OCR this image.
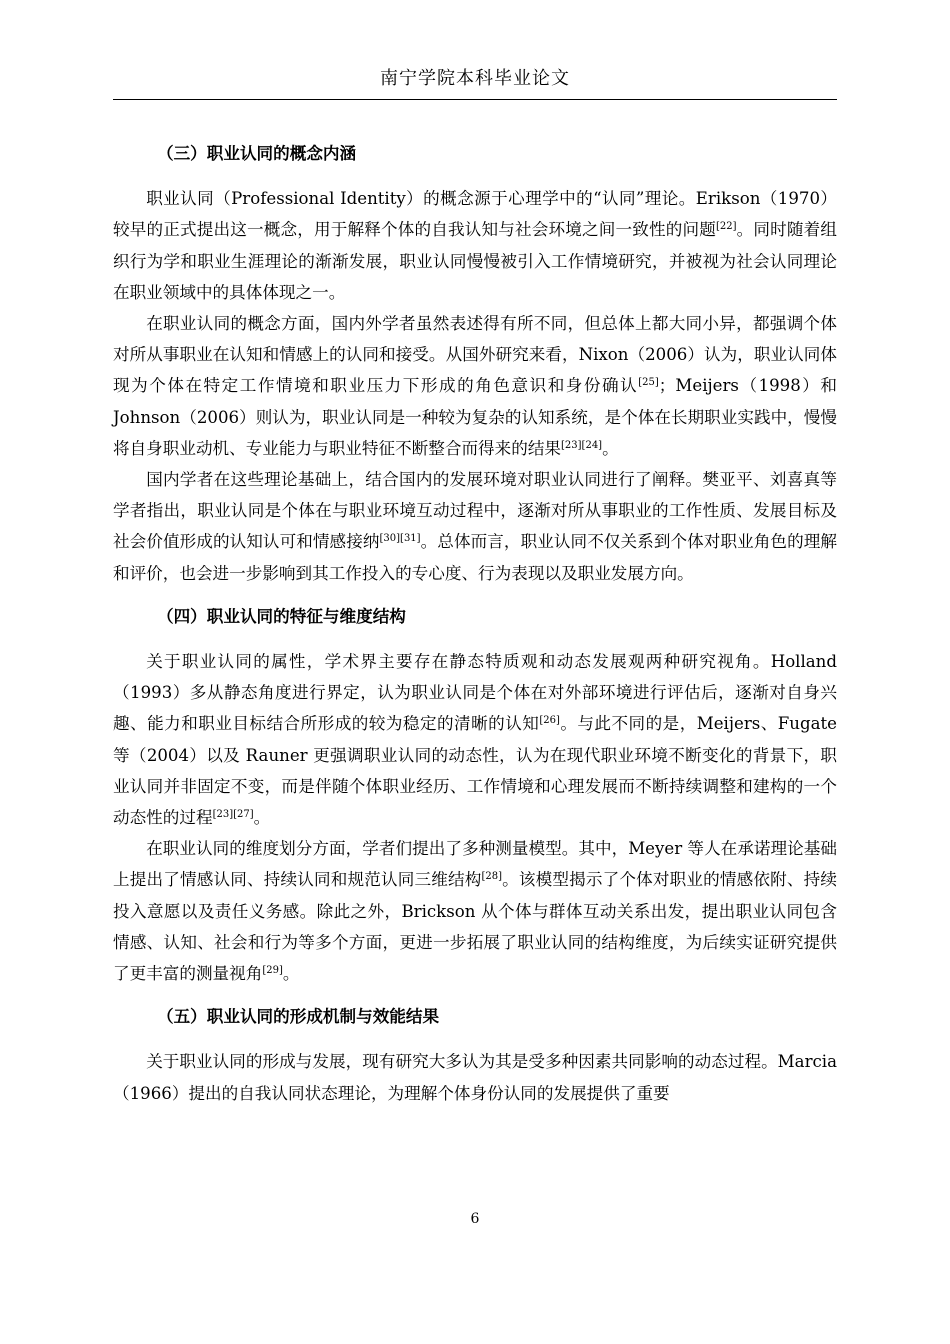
南宁学院本科毕业论文
（三）职业认同的概念内涵

职业认同（Professional Identity）的概念源于心理学中的“认同”理论。Erikson（1970）较早的正式提出这一概念，用于解释个体的自我认知与社会环境之间一致性的问题[22]。同时随着组织行为学和职业生涯理论的渐渐发展，职业认同慢慢被引入工作情境研究，并被视为社会认同理论在职业领域中的具体体现之一。

在职业认同的概念方面，国内外学者虽然表述得有所不同，但总体上都大同小异，都强调个体对所从事职业在认知和情感上的认同和接受。从国外研究来看，Nixon（2006）认为，职业认同体现为个体在特定工作情境和职业压力下形成的角色意识和身份确认[25]；Meijers（1998）和 Johnson（2006）则认为，职业认同是一种较为复杂的认知系统，是个体在长期职业实践中，慢慢将自身职业动机、专业能力与职业特征不断整合而得来的结果[23][24]。

国内学者在这些理论基础上，结合国内的发展环境对职业认同进行了阐释。樊亚平、刘喜真等学者指出，职业认同是个体在与职业环境互动过程中，逐渐对所从事职业的工作性质、发展目标及社会价值形成的认知认可和情感接纳[30][31]。总体而言，职业认同不仅关系到个体对职业角色的理解和评价，也会进一步影响到其工作投入的专心度、行为表现以及职业发展方向。

（四）职业认同的特征与维度结构

关于职业认同的属性，学术界主要存在静态特质观和动态发展观两种研究视角。Holland（1993）多从静态角度进行界定，认为职业认同是个体在对外部环境进行评估后，逐渐对自身兴趣、能力和职业目标结合所形成的较为稳定的清晰的认知[26]。与此不同的是，Meijers、Fugate 等（2004）以及 Rauner 更强调职业认同的动态性，认为在现代职业环境不断变化的背景下，职业认同并非固定不变，而是伴随个体职业经历、工作情境和心理发展而不断持续调整和建构的一个动态性的过程[23][27]。

在职业认同的维度划分方面，学者们提出了多种测量模型。其中，Meyer 等人在承诺理论基础上提出了情感认同、持续认同和规范认同三维结构[28]。该模型揭示了个体对职业的情感依附、持续投入意愿以及责任义务感。除此之外，Brickson 从个体与群体互动关系出发，提出职业认同包含情感、认知、社会和行为等多个方面，更进一步拓展了职业认同的结构维度，为后续实证研究提供了更丰富的测量视角[29]。

（五）职业认同的形成机制与效能结果

关于职业认同的形成与发展，现有研究大多认为其是受多种因素共同影响的动态过程。Marcia（1966）提出的自我认同状态理论，为理解个体身份认同的发展提供了重要

6
